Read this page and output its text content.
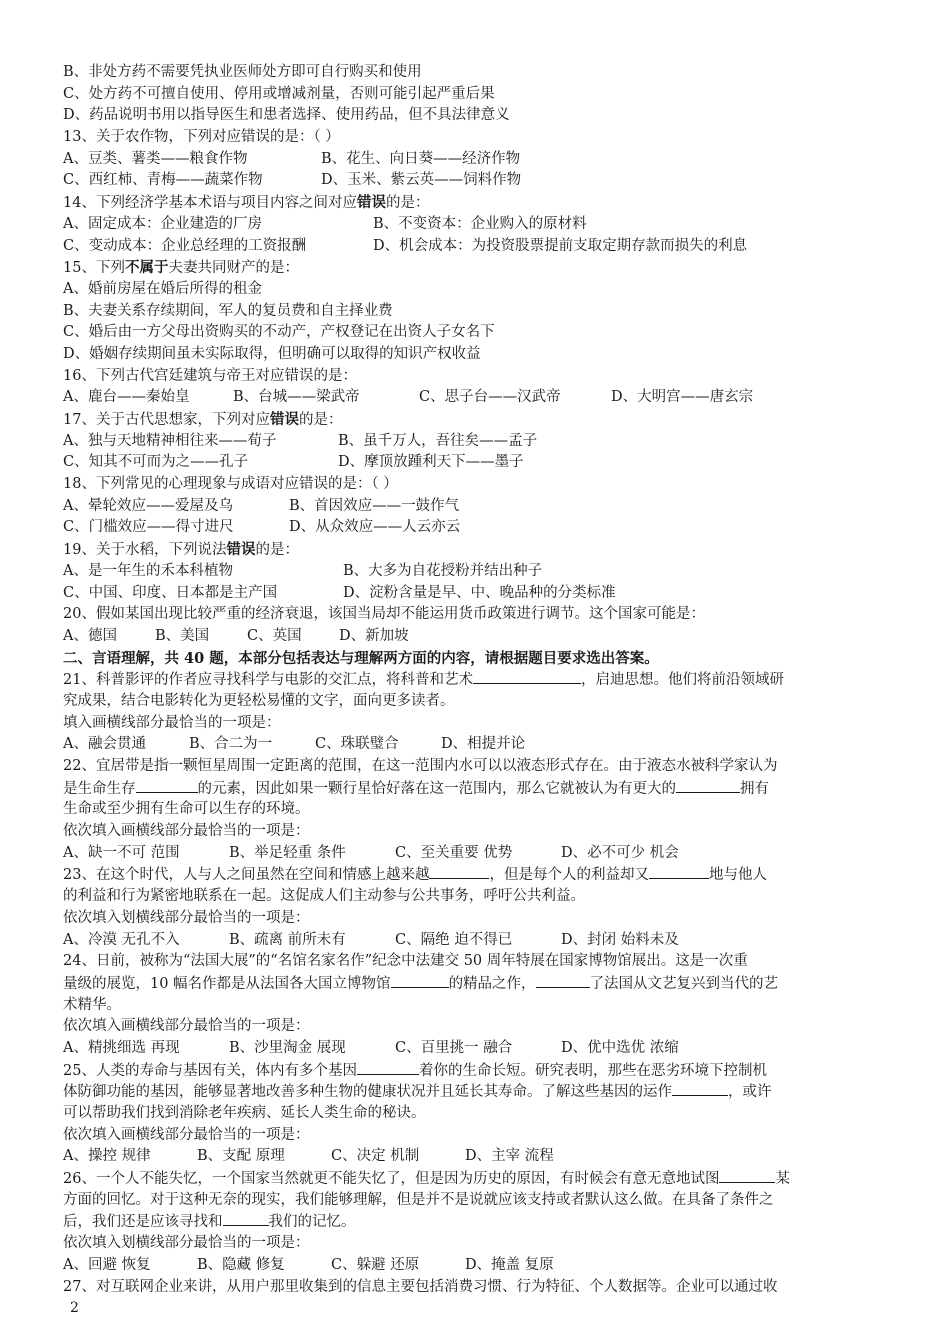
B、非处方药不需要凭执业医师处方即可自行购买和使用
C、处方药不可擅自使用、停用或增减剂量，否则可能引起严重后果
D、药品说明书用以指导医生和患者选择、使用药品，但不具法律意义
13、关于农作物，下列对应错误的是：（ ）
A、豆类、薯类——粮食作物	B、花生、向日葵——经济作物
C、西红柿、青梅——蔬菜作物	D、玉米、紫云英——饲料作物
14、下列经济学基本术语与项目内容之间对应错误的是：
A、固定成本：企业建造的厂房	B、不变资本：企业购入的原材料
C、变动成本：企业总经理的工资报酬	D、机会成本：为投资股票提前支取定期存款而损失的利息
15、下列不属于夫妻共同财产的是：
A、婚前房屋在婚后所得的租金
B、夫妻关系存续期间，军人的复员费和自主择业费
C、婚后由一方父母出资购买的不动产，产权登记在出资人子女名下
D、婚姻存续期间虽未实际取得，但明确可以取得的知识产权收益
16、下列古代宫廷建筑与帝王对应错误的是：
A、鹿台——秦始皇	B、台城——梁武帝	C、思子台——汉武帝	D、大明宫——唐玄宗
17、关于古代思想家，下列对应错误的是：
A、独与天地精神相往来——荀子	B、虽千万人，吾往矣——孟子
C、知其不可而为之——孔子	D、摩顶放踵利天下——墨子
18、下列常见的心理现象与成语对应错误的是：（ ）
A、晕轮效应——爱屋及乌	B、首因效应——一鼓作气
C、门槛效应——得寸进尺	D、从众效应——人云亦云
19、关于水稻，下列说法错误的是：
A、是一年生的禾本科植物	B、大多为自花授粉并结出种子
C、中国、印度、日本都是主产国	D、淀粉含量是早、中、晚品种的分类标准
20、假如某国出现比较严重的经济衰退，该国当局却不能运用货币政策进行调节。这个国家可能是：
A、德国	B、美国	C、英国	D、新加坡
二、言语理解，共 40 题，本部分包括表达与理解两方面的内容，请根据题目要求选出答案。
21、科普影评的作者应寻找科学与电影的交汇点，将科普和艺术	，启迪思想。他们将前沿领域研
究成果，结合电影转化为更轻松易懂的文字，面向更多读者。
填入画横线部分最恰当的一项是：
A、融会贯通	B、合二为一	C、珠联璧合	D、相提并论
22、宜居带是指一颗恒星周围一定距离的范围，在这一范围内水可以以液态形式存在。由于液态水被科学家认为
是生命生存	的元素，因此如果一颗行星恰好落在这一范围内，那么它就被认为有更大的	拥有
生命或至少拥有生命可以生存的环境。
依次填入画横线部分最恰当的一项是：
A、缺一不可 范围	B、举足轻重 条件	C、至关重要 优势	D、必不可少 机会
23、在这个时代，人与人之间虽然在空间和情感上越来越	，但是每个人的利益却又	地与他人
的利益和行为紧密地联系在一起。这促成人们主动参与公共事务，呼吁公共利益。
依次填入划横线部分最恰当的一项是：
A、冷漠 无孔不入	B、疏离 前所未有	C、隔绝 迫不得已	D、封闭 始料未及
24、日前，被称为“法国大展”的“名馆名家名作”纪念中法建交 50 周年特展在国家博物馆展出。这是一次重
量级的展览，10 幅名作都是从法国各大国立博物馆	的精品之作，	了法国从文艺复兴到当代的艺
术精华。
依次填入画横线部分最恰当的一项是：
A、精挑细选 再现	B、沙里淘金 展现	C、百里挑一 融合	D、优中选优 浓缩
25、人类的寿命与基因有关，体内有多个基因	着你的生命长短。研究表明，那些在恶劣环境下控制机
体防御功能的基因，能够显著地改善多种生物的健康状况并且延长其寿命。了解这些基因的运作	，或许
可以帮助我们找到消除老年疾病、延长人类生命的秘诀。
依次填入画横线部分最恰当的一项是：
A、操控 规律	B、支配 原理	C、决定 机制	D、主宰 流程
26、一个人不能失忆，一个国家当然就更不能失忆了，但是因为历史的原因，有时候会有意无意地试图	某
方面的回忆。对于这种无奈的现实，我们能够理解，但是并不是说就应该支持或者默认这么做。在具备了条件之
后，我们还是应该寻找和	我们的记忆。
依次填入划横线部分最恰当的一项是：
A、回避 恢复	B、隐藏 修复	C、躲避 还原	D、掩盖 复原
27、对互联网企业来讲，从用户那里收集到的信息主要包括消费习惯、行为特征、个人数据等。企业可以通过收
2
